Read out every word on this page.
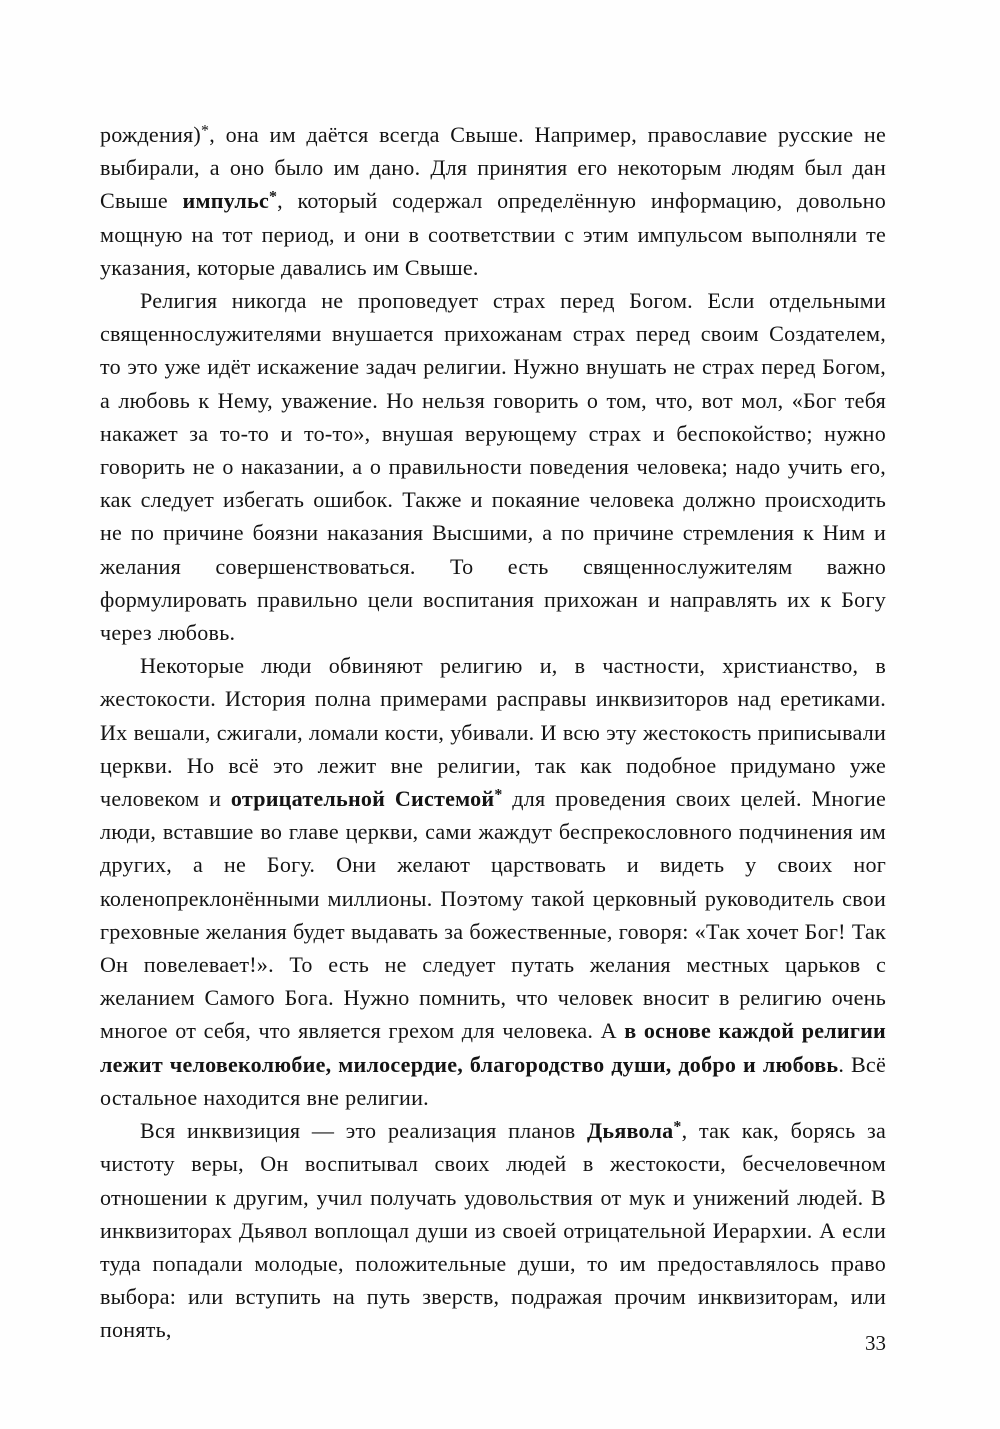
рождения)*, она им даётся всегда Свыше. Например, православие русские не выбирали, а оно было им дано. Для принятия его некоторым людям был дан Свыше импульс*, который содержал определённую информацию, довольно мощную на тот период, и они в соответствии с этим импульсом выполняли те указания, которые давались им Свыше.

Религия никогда не проповедует страх перед Богом. Если отдельными священнослужителями внушается прихожанам страх перед своим Создателем, то это уже идёт искажение задач религии. Нужно внушать не страх перед Богом, а любовь к Нему, уважение. Но нельзя говорить о том, что, вот мол, «Бог тебя накажет за то-то и то-то», внушая верующему страх и беспокойство; нужно говорить не о наказании, а о правильности поведения человека; надо учить его, как следует избегать ошибок. Также и покаяние человека должно происходить не по причине боязни наказания Высшими, а по причине стремления к Ним и желания совершенствоваться. То есть священнослужителям важно формулировать правильно цели воспитания прихожан и направлять их к Богу через любовь.

Некоторые люди обвиняют религию и, в частности, христианство, в жестокости. История полна примерами расправы инквизиторов над еретиками. Их вешали, сжигали, ломали кости, убивали. И всю эту жестокость приписывали церкви. Но всё это лежит вне религии, так как подобное придумано уже человеком и отрицательной Системой* для проведения своих целей. Многие люди, вставшие во главе церкви, сами жаждут беспрекословного подчинения им других, а не Богу. Они желают царствовать и видеть у своих ног коленопреклонёнными миллионы. Поэтому такой церковный руководитель свои греховные желания будет выдавать за божественные, говоря: «Так хочет Бог! Так Он повелевает!». То есть не следует путать желания местных царьков с желанием Самого Бога. Нужно помнить, что человек вносит в религию очень многое от себя, что является грехом для человека. А в основе каждой религии лежит человеколюбие, милосердие, благородство души, добро и любовь. Всё остальное находится вне религии.

Вся инквизиция — это реализация планов Дьявола*, так как, борясь за чистоту веры, Он воспитывал своих людей в жестокости, бесчеловечном отношении к другим, учил получать удовольствия от мук и унижений людей. В инквизиторах Дьявол воплощал души из своей отрицательной Иерархии. А если туда попадали молодые, положительные души, то им предоставлялось право выбора: или вступить на путь зверств, подражая прочим инквизиторам, или понять,

33
